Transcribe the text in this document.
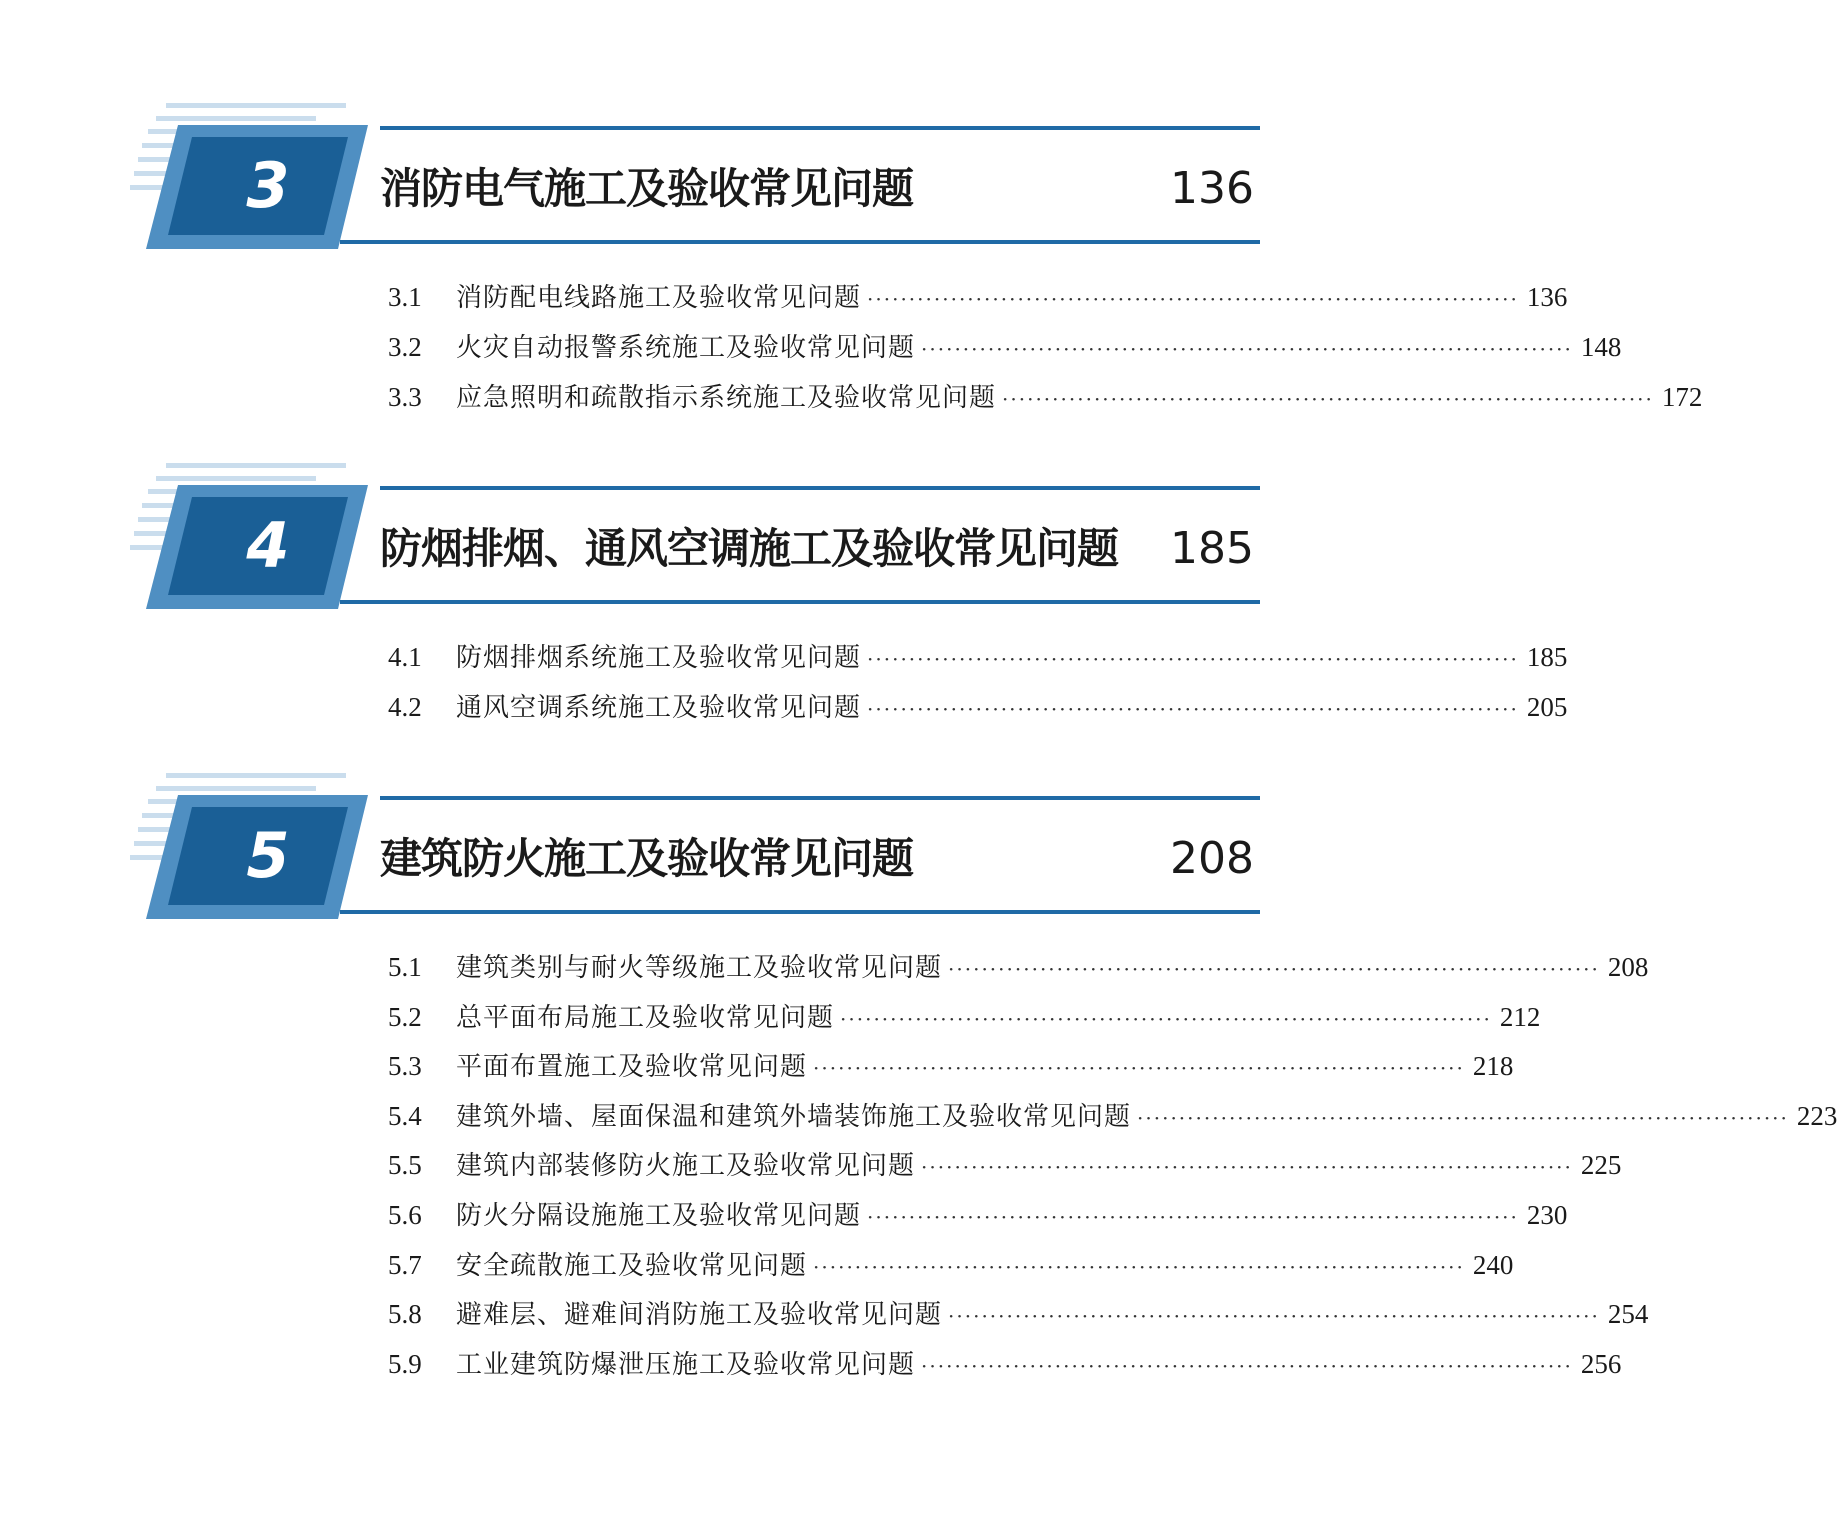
3 消防电气施工及验收常见问题	136
3.1	消防配电线路施工及验收常见问题 ·············································································· 136
3.2	火灾自动报警系统施工及验收常见问题 ·············································································· 148
3.3	应急照明和疏散指示系统施工及验收常见问题 ·············································································· 172
4 防烟排烟、通风空调施工及验收常见问题 185
4.1	防烟排烟系统施工及验收常见问题 ·············································································· 185
4.2	通风空调系统施工及验收常见问题 ·············································································· 205
5 建筑防火施工及验收常见问题	208
5.1	建筑类别与耐火等级施工及验收常见问题 ·············································································· 208
5.2	总平面布局施工及验收常见问题 ·············································································· 212
5.3	平面布置施工及验收常见问题 ·············································································· 218
5.4	建筑外墙、屋面保温和建筑外墙装饰施工及验收常见问题 ·············································································· 223
5.5	建筑内部装修防火施工及验收常见问题 ·············································································· 225
5.6	防火分隔设施施工及验收常见问题 ·············································································· 230
5.7	安全疏散施工及验收常见问题 ·············································································· 240
5.8	避难层、避难间消防施工及验收常见问题 ·············································································· 254
5.9	工业建筑防爆泄压施工及验收常见问题 ·············································································· 256
